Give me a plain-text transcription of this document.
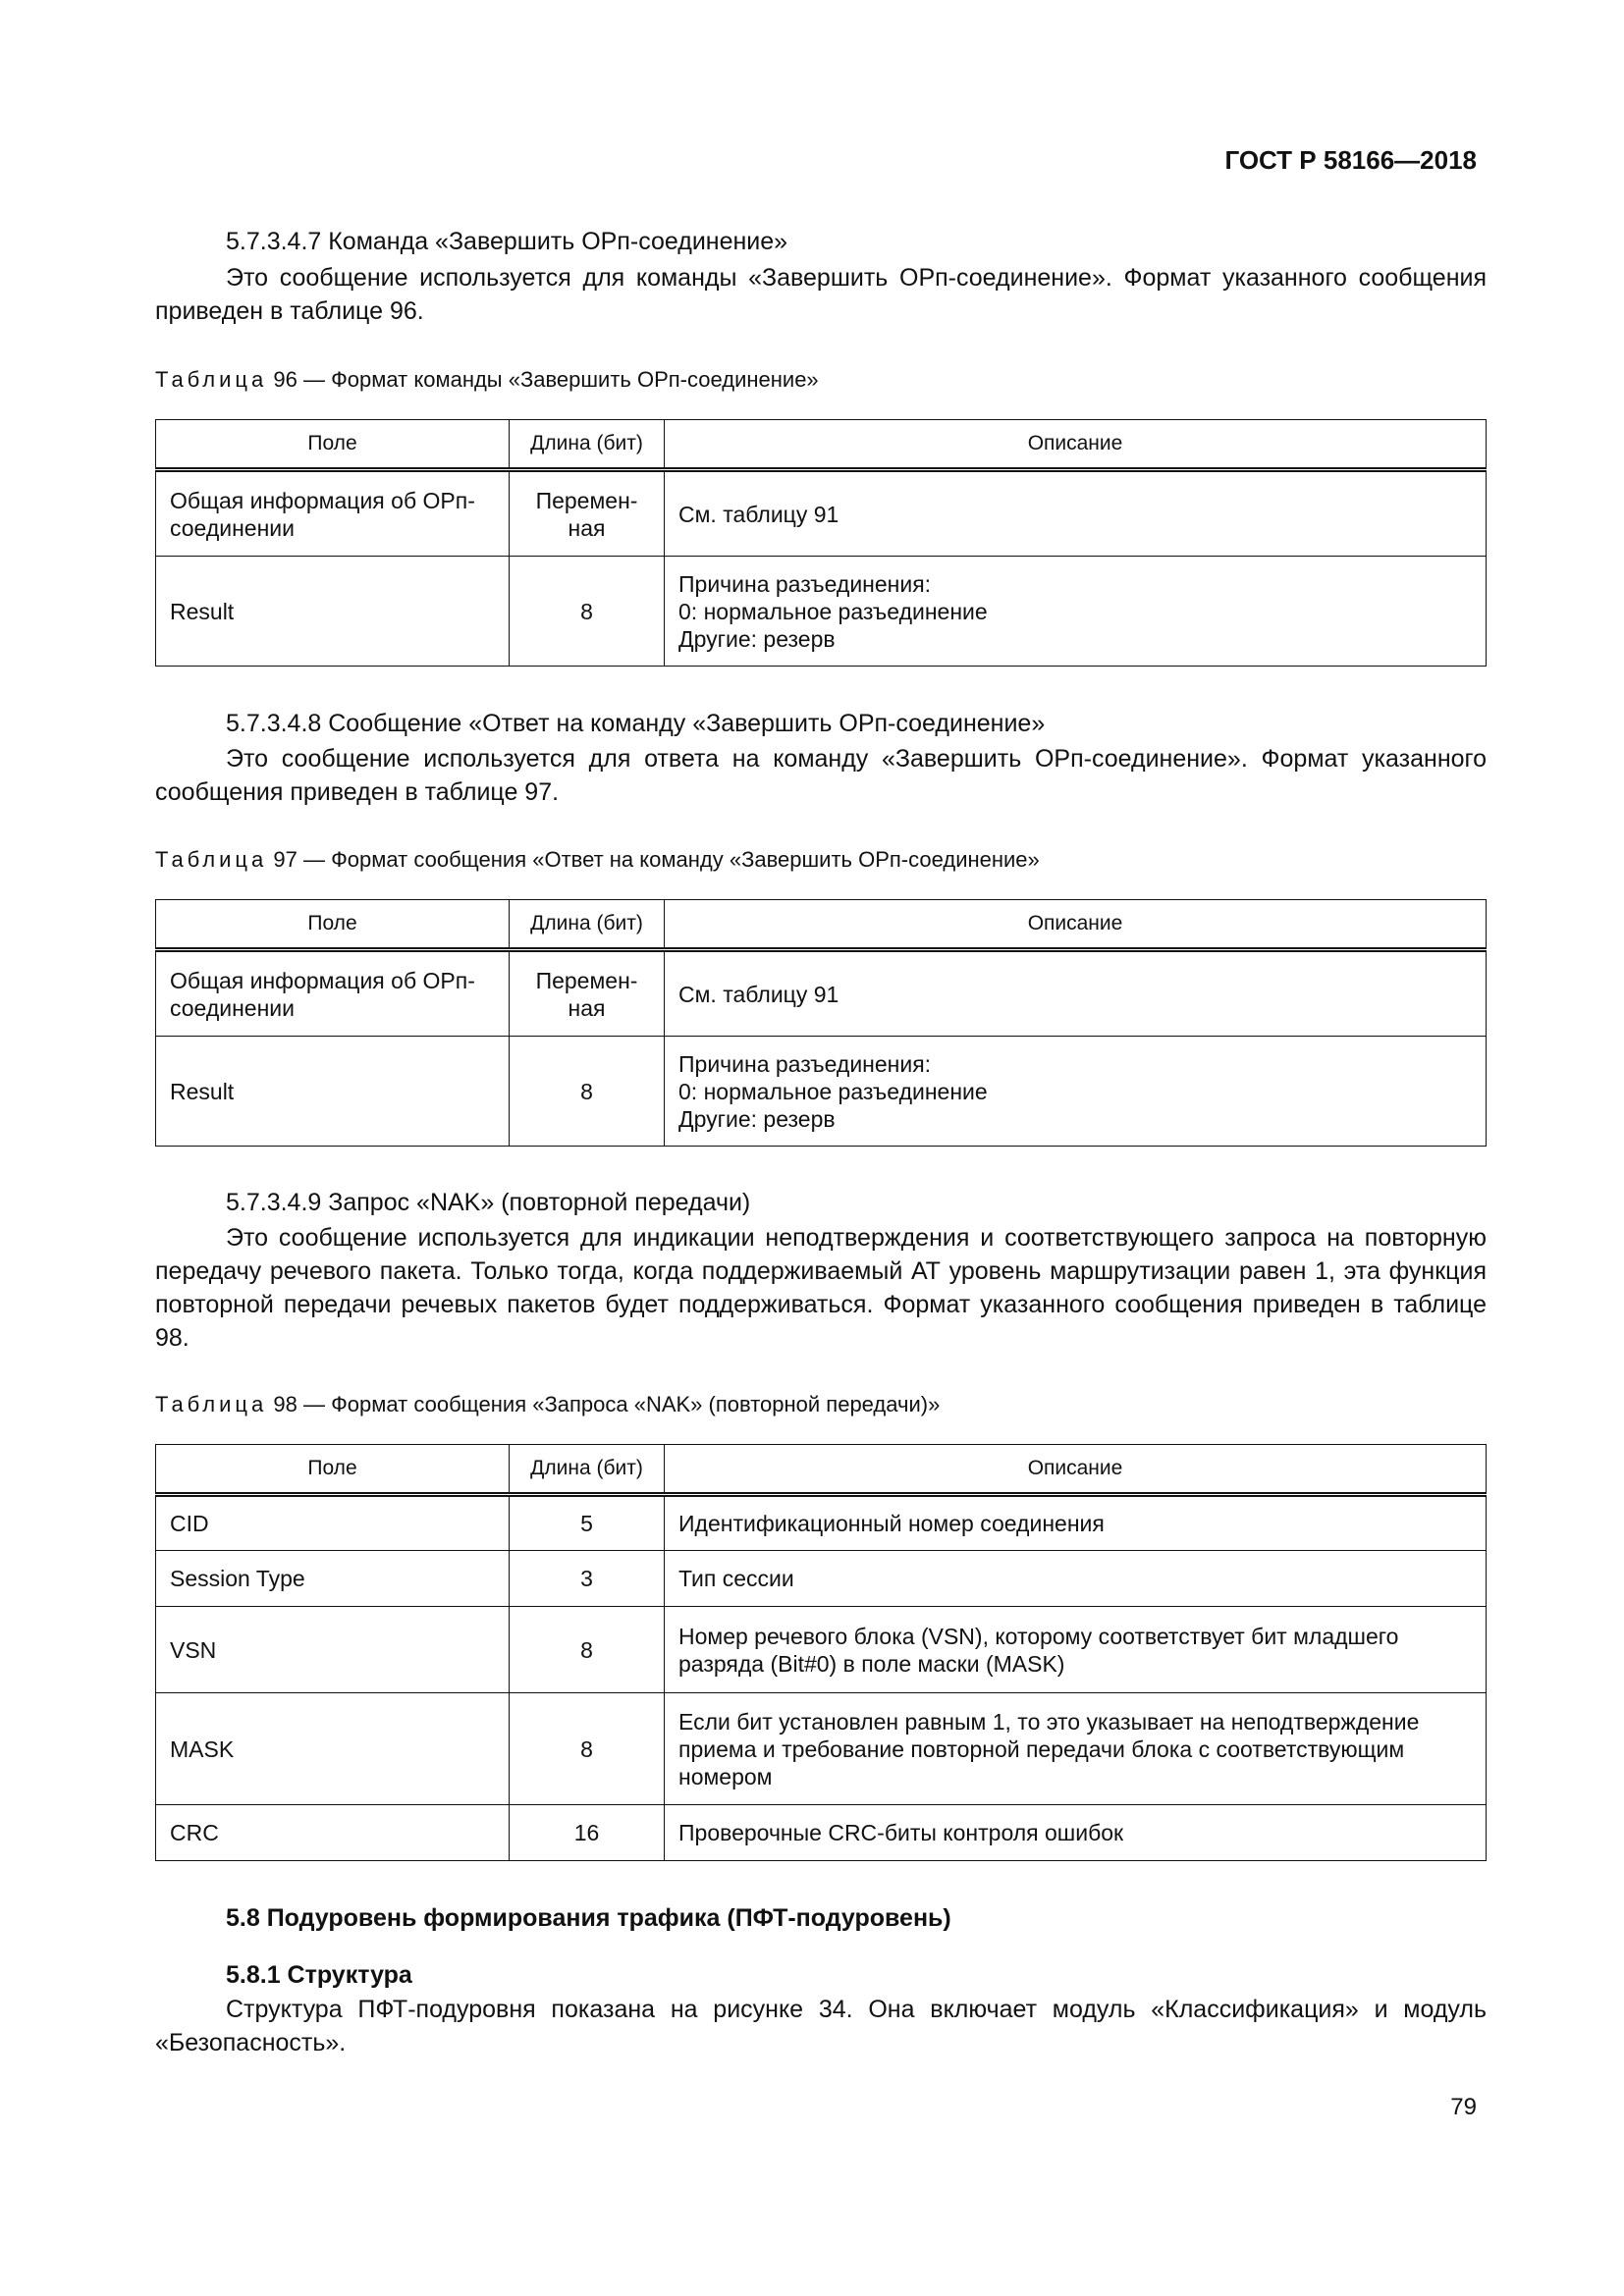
ГОСТ Р 58166—2018
5.7.3.4.7 Команда «Завершить ОРп-соединение»

Это сообщение используется для команды «Завершить ОРп-соединение». Формат указанного сообщения приведен в таблице 96.

Таблица 96 — Формат команды «Завершить ОРп-соединение»
Поле	Длина (бит)	Описание
Общая информация об ОРп-соединении	Перемен-ная	См. таблицу 91
Result	8	Причина разъединения:
0: нормальное разъединение
Другие: резерв
5.7.3.4.8 Сообщение «Ответ на команду «Завершить ОРп-соединение»

Это сообщение используется для ответа на команду «Завершить ОРп-соединение». Формат указанного сообщения приведен в таблице 97.

Таблица 97 — Формат сообщения «Ответ на команду «Завершить ОРп-соединение»
Поле	Длина (бит)	Описание
Общая информация об ОРп-соединении	Перемен-ная	См. таблицу 91
Result	8	Причина разъединения:
0: нормальное разъединение
Другие: резерв
5.7.3.4.9 Запрос «NAK» (повторной передачи)

Это сообщение используется для индикации неподтверждения и соответствующего запроса на повторную передачу речевого пакета. Только тогда, когда поддерживаемый АТ уровень маршрутизации равен 1, эта функция повторной передачи речевых пакетов будет поддерживаться. Формат указанного сообщения приведен в таблице 98.

Таблица 98 — Формат сообщения «Запроса «NAK» (повторной передачи)»
Поле	Длина (бит)	Описание
CID	5	Идентификационный номер соединения
Session Type	3	Тип сессии
VSN	8	Номер речевого блока (VSN), которому соответствует бит младшего разряда (Bit#0) в поле маски (MASK)
MASK	8	Если бит установлен равным 1, то это указывает на неподтверждение приема и требование повторной передачи блока с соответствующим номером
CRC	16	Проверочные CRC-биты контроля ошибок
5.8 Подуровень формирования трафика (ПФТ-подуровень)
5.8.1 Структура

Структура ПФТ-подуровня показана на рисунке 34. Она включает модуль «Классификация» и модуль «Безопасность».

79
